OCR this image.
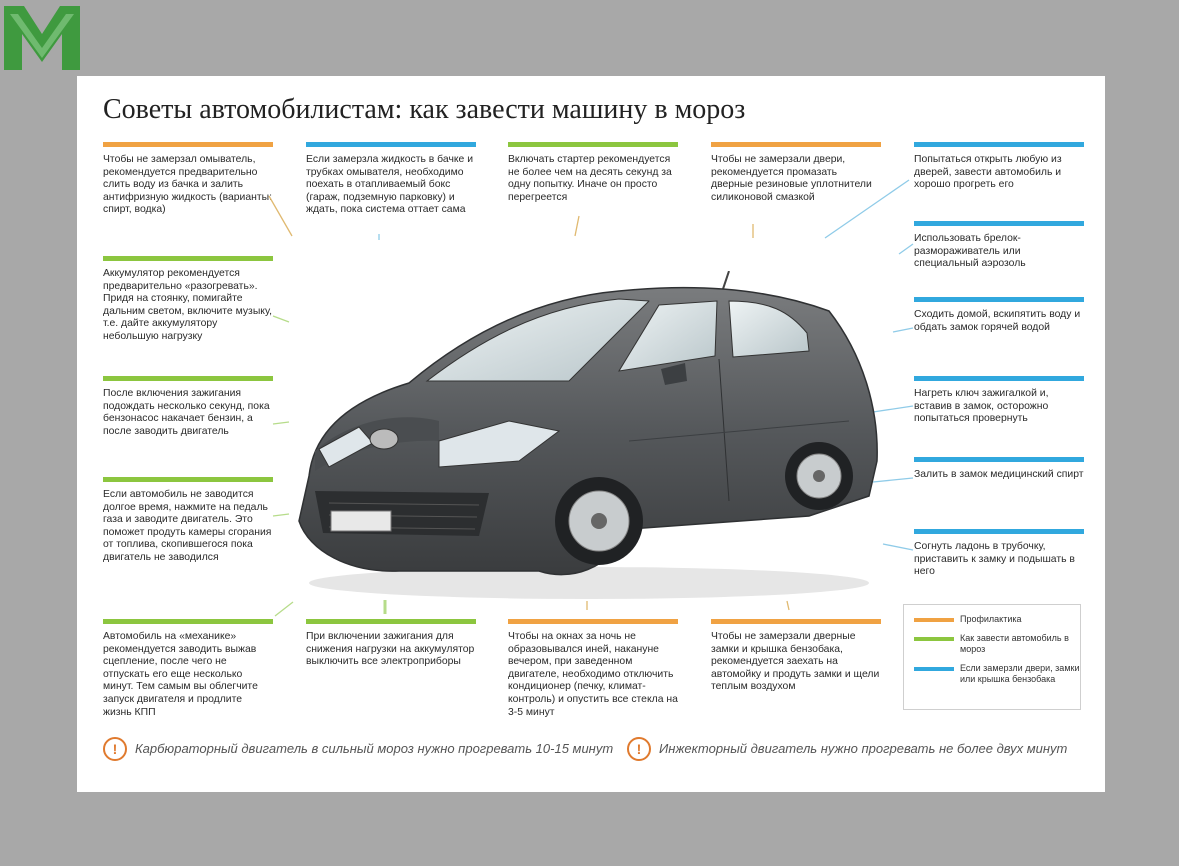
Советы автомобилистам: как завести машину в мороз
Чтобы не замерзал омыватель, рекомендуется предварительно слить воду из бачка и залить антифризную жидкость (варианты: спирт, водка)
Если замерзла жидкость в бачке и трубках омывателя, необходимо поехать в отапливаемый бокс (гараж, подземную парковку) и ждать, пока система оттает сама
Включать стартер рекомендуется не более чем на десять секунд за одну попытку. Иначе он просто перегреется
Чтобы не замерзали двери, рекомендуется промазать дверные резиновые уплотнители силиконовой смазкой
Аккумулятор рекомендуется предварительно «разогревать». Придя на стоянку, помигайте дальним светом, включите музыку, т.е. дайте аккумулятору небольшую нагрузку
После включения зажигания подождать несколько секунд, пока бензонасос накачает бензин, а после заводить двигатель
Если автомобиль не заводится долгое время, нажмите на педаль газа и заводите двигатель. Это поможет продуть камеры сгорания от топлива, скопившегося пока двигатель не заводился
Попытаться открыть любую из дверей, завести автомобиль и хорошо прогреть его
Использовать брелок-размораживатель или специальный аэрозоль
Сходить домой, вскипятить воду и обдать замок горячей водой
Нагреть ключ зажигалкой и, вставив в замок, осторожно попытаться провернуть
Залить в замок медицинский спирт
Согнуть ладонь в трубочку, приставить к замку и подышать в него
Автомобиль на «механике» рекомендуется заводить выжав сцепление, после чего не отпускать его еще несколько минут. Тем самым вы облегчите запуск двигателя и продлите жизнь КПП
При включении зажигания для снижения нагрузки на аккумулятор выключить все электроприборы
Чтобы на окнах за ночь не образовывался иней, накануне вечером, при заведенном двигателе, необходимо отключить кондиционер (печку, климат-контроль) и опустить все стекла на 3-5 минут
Чтобы не замерзали дверные замки и крышка бензобака, рекомендуется заехать на автомойку и продуть замки и щели теплым воздухом
Профилактика
Как завести автомобиль в мороз
Если замерзли двери, замки или крышка бензобака
!	Карбюраторный двигатель в сильный мороз нужно прогревать 10-15 минут	!	Инжекторный двигатель нужно прогревать не более двух минут
